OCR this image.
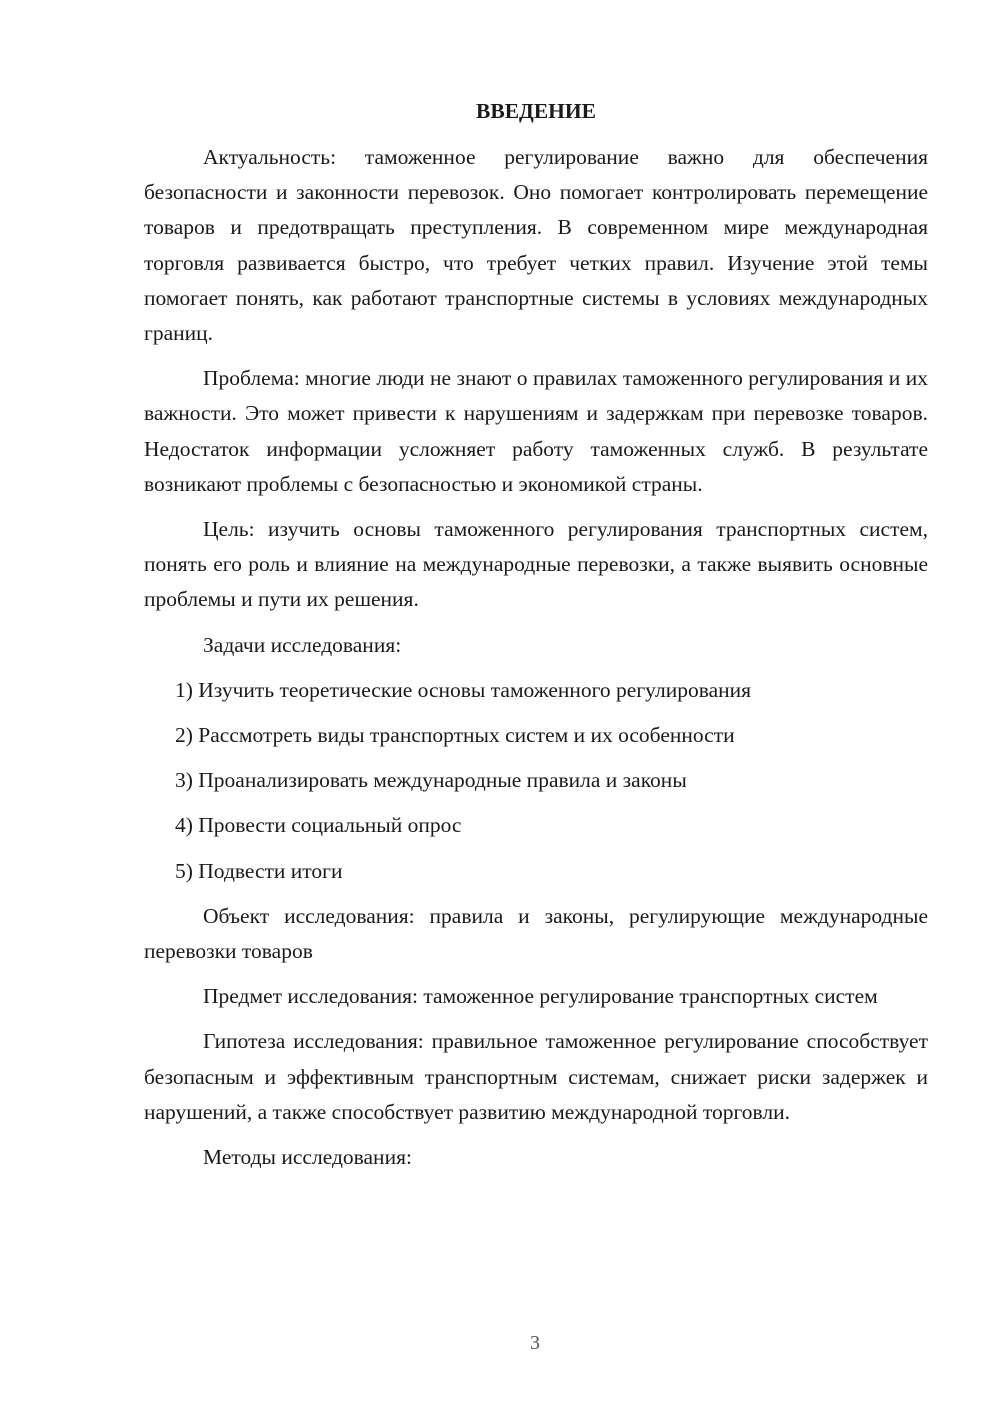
ВВЕДЕНИЕ

Актуальность: таможенное регулирование важно для обеспечения безопасности и законности перевозок. Оно помогает контролировать перемещение товаров и предотвращать преступления. В современном мире международная торговля развивается быстро, что требует четких правил. Изучение этой темы помогает понять, как работают транспортные системы в условиях международных границ.

Проблема: многие люди не знают о правилах таможенного регулирования и их важности. Это может привести к нарушениям и задержкам при перевозке товаров. Недостаток информации усложняет работу таможенных служб. В результате возникают проблемы с безопасностью и экономикой страны.

Цель: изучить основы таможенного регулирования транспортных систем, понять его роль и влияние на международные перевозки, а также выявить основные проблемы и пути их решения.

Задачи исследования:

1) Изучить теоретические основы таможенного регулирования
2) Рассмотреть виды транспортных систем и их особенности
3) Проанализировать международные правила и законы
4) Провести социальный опрос
5) Подвести итоги

Объект исследования: правила и законы, регулирующие международные перевозки товаров

Предмет исследования: таможенное регулирование транспортных систем

Гипотеза исследования: правильное таможенное регулирование способствует безопасным и эффективным транспортным системам, снижает риски задержек и нарушений, а также способствует развитию международной торговли.

Методы исследования:

3
